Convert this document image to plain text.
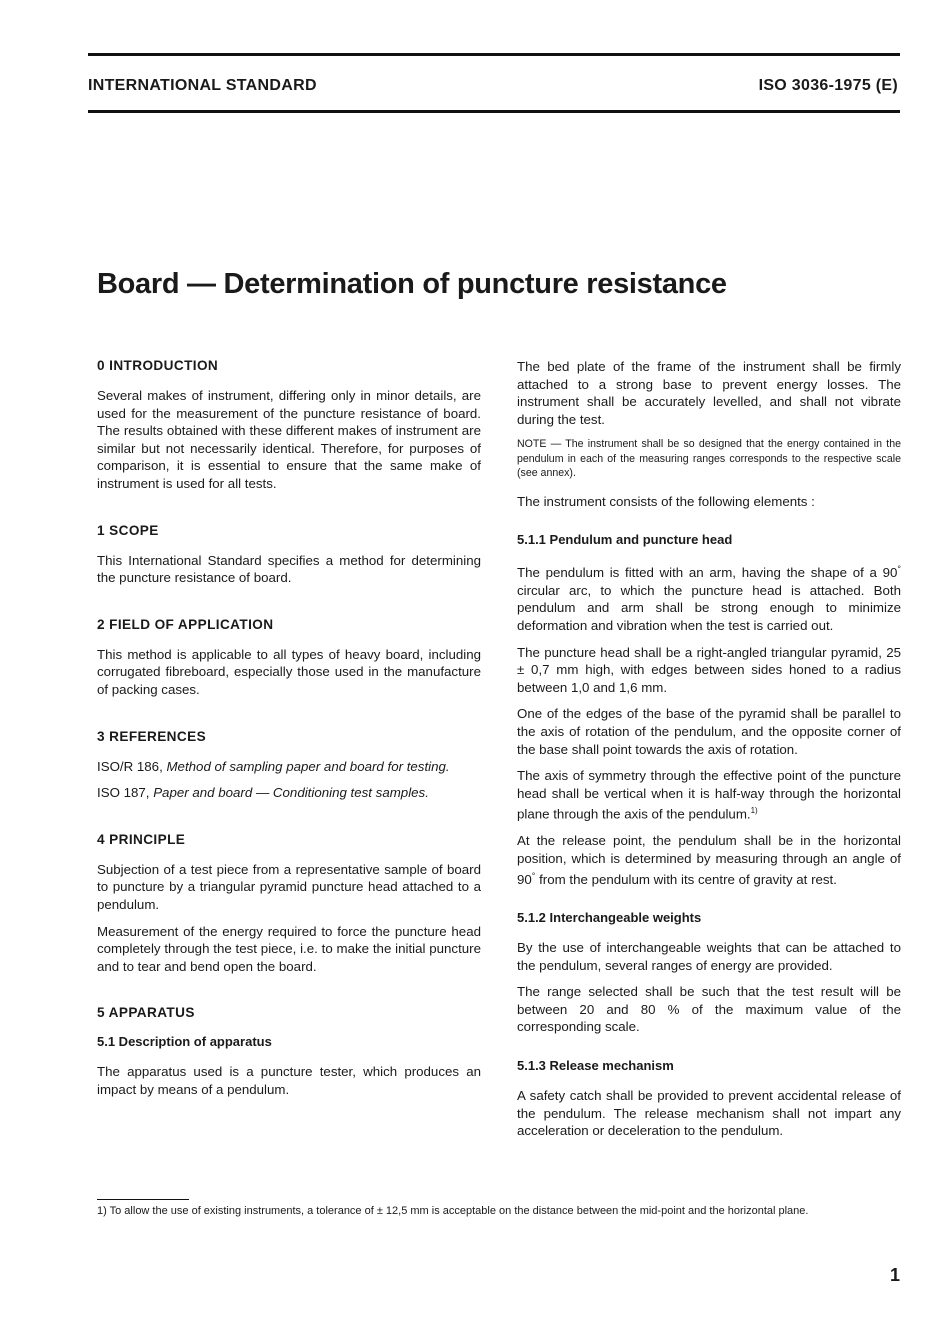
INTERNATIONAL STANDARD	ISO 3036-1975 (E)
Board — Determination of puncture resistance
0 INTRODUCTION

Several makes of instrument, differing only in minor details, are used for the measurement of the puncture resistance of board. The results obtained with these different makes of instrument are similar but not necessarily identical. Therefore, for purposes of comparison, it is essential to ensure that the same make of instrument is used for all tests.

1 SCOPE

This International Standard specifies a method for determining the puncture resistance of board.

2 FIELD OF APPLICATION

This method is applicable to all types of heavy board, including corrugated fibreboard, especially those used in the manufacture of packing cases.

3 REFERENCES

ISO/R 186, Method of sampling paper and board for testing.

ISO 187, Paper and board — Conditioning test samples.

4 PRINCIPLE

Subjection of a test piece from a representative sample of board to puncture by a triangular pyramid puncture head attached to a pendulum.

Measurement of the energy required to force the puncture head completely through the test piece, i.e. to make the initial puncture and to tear and bend open the board.

5 APPARATUS
5.1 Description of apparatus

The apparatus used is a puncture tester, which produces an impact by means of a pendulum.

The bed plate of the frame of the instrument shall be firmly attached to a strong base to prevent energy losses. The instrument shall be accurately levelled, and shall not vibrate during the test.

NOTE — The instrument shall be so designed that the energy contained in the pendulum in each of the measuring ranges corresponds to the respective scale (see annex).

The instrument consists of the following elements :

5.1.1 Pendulum and puncture head

The pendulum is fitted with an arm, having the shape of a 90° circular arc, to which the puncture head is attached. Both pendulum and arm shall be strong enough to minimize deformation and vibration when the test is carried out.

The puncture head shall be a right-angled triangular pyramid, 25 ± 0,7 mm high, with edges between sides honed to a radius between 1,0 and 1,6 mm.

One of the edges of the base of the pyramid shall be parallel to the axis of rotation of the pendulum, and the opposite corner of the base shall point towards the axis of rotation.

The axis of symmetry through the effective point of the puncture head shall be vertical when it is half-way through the horizontal plane through the axis of the pendulum.$^{1)}$

At the release point, the pendulum shall be in the horizontal position, which is determined by measuring through an angle of 90° from the pendulum with its centre of gravity at rest.

5.1.2 Interchangeable weights

By the use of interchangeable weights that can be attached to the pendulum, several ranges of energy are provided.

The range selected shall be such that the test result will be between 20 and 80 % of the maximum value of the corresponding scale.

5.1.3 Release mechanism

A safety catch shall be provided to prevent accidental release of the pendulum. The release mechanism shall not impart any acceleration or deceleration to the pendulum.

1) To allow the use of existing instruments, a tolerance of ± 12,5 mm is acceptable on the distance between the mid-point and the horizontal plane.

1
